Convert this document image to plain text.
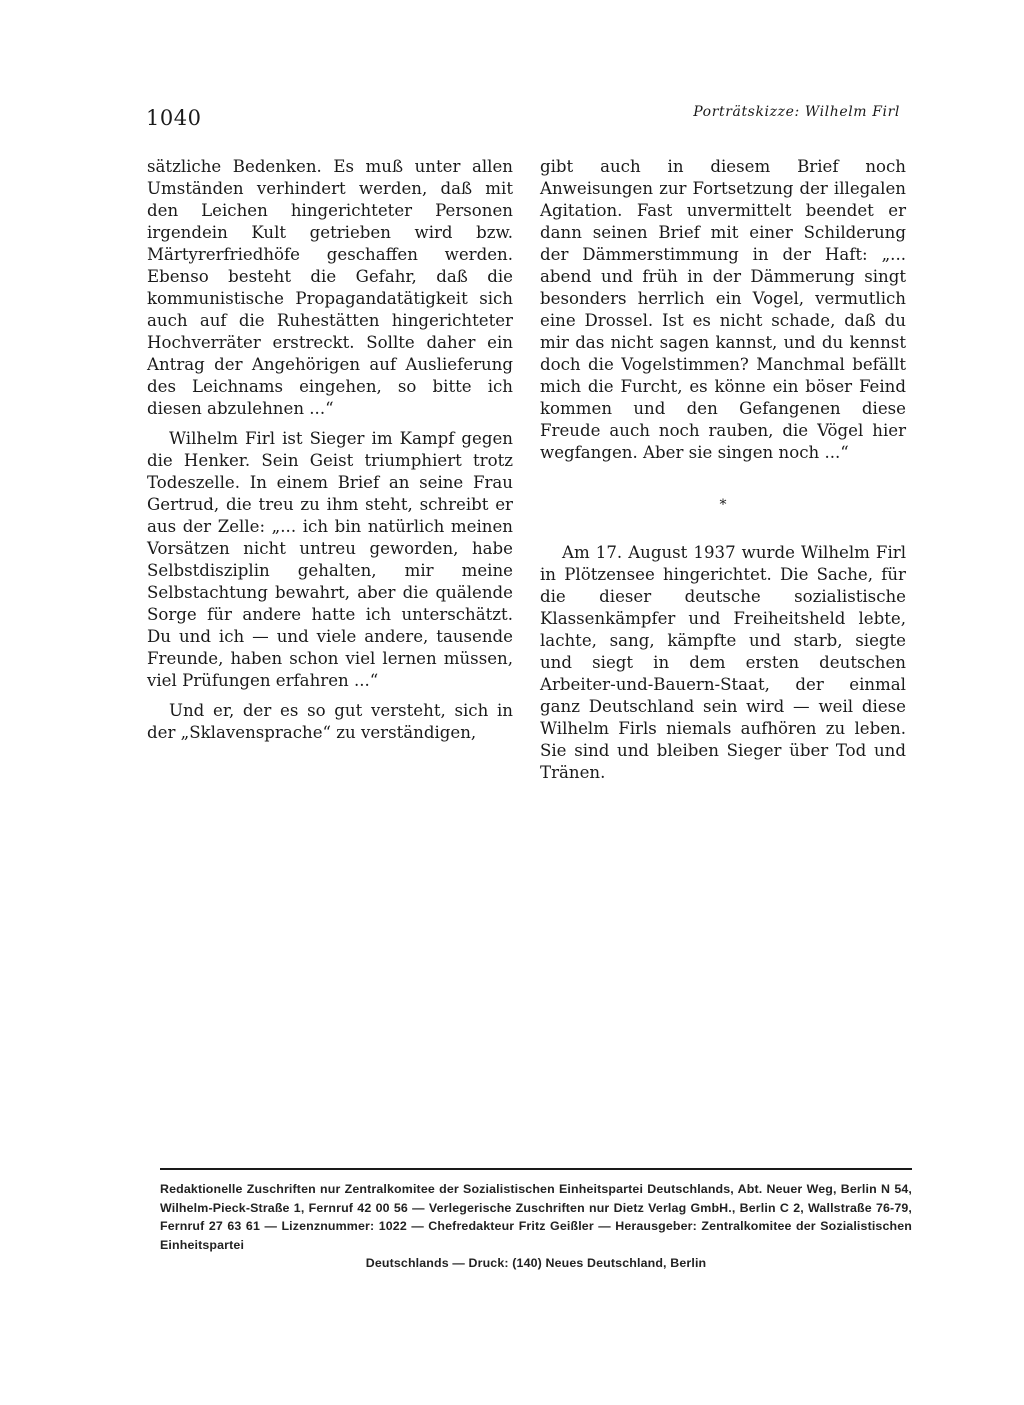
1040	Porträtskizze: Wilhelm Firl

sätzliche Bedenken. Es muß unter allen Umständen verhindert werden, daß mit den Leichen hingerichteter Personen irgendein Kult getrieben wird bzw. Märtyrerfriedhöfe geschaffen werden. Ebenso besteht die Gefahr, daß die kommunistische Propagandatätigkeit sich auch auf die Ruhestätten hingerichteter Hochverräter erstreckt. Sollte daher ein Antrag der Angehörigen auf Auslieferung des Leichnams eingehen, so bitte ich diesen abzulehnen ...“

Wilhelm Firl ist Sieger im Kampf gegen die Henker. Sein Geist triumphiert trotz Todeszelle. In einem Brief an seine Frau Gertrud, die treu zu ihm steht, schreibt er aus der Zelle: „... ich bin natürlich meinen Vorsätzen nicht untreu geworden, habe Selbstdisziplin gehalten, mir meine Selbstachtung bewahrt, aber die quälende Sorge für andere hatte ich unterschätzt. Du und ich — und viele andere, tausende Freunde, haben schon viel lernen müssen, viel Prüfungen erfahren ...“

Und er, der es so gut versteht, sich in der „Sklavensprache“ zu verständigen,

gibt auch in diesem Brief noch Anweisungen zur Fortsetzung der illegalen Agitation. Fast unvermittelt beendet er dann seinen Brief mit einer Schilderung der Dämmerstimmung in der Haft: „... abend und früh in der Dämmerung singt besonders herrlich ein Vogel, vermutlich eine Drossel. Ist es nicht schade, daß du mir das nicht sagen kannst, und du kennst doch die Vogelstimmen? Manchmal befällt mich die Furcht, es könne ein böser Feind kommen und den Gefangenen diese Freude auch noch rauben, die Vögel hier wegfangen. Aber sie singen noch ...“

*

Am 17. August 1937 wurde Wilhelm Firl in Plötzensee hingerichtet. Die Sache, für die dieser deutsche sozialistische Klassenkämpfer und Freiheitsheld lebte, lachte, sang, kämpfte und starb, siegte und siegt in dem ersten deutschen Arbeiter-und-Bauern-Staat, der einmal ganz Deutschland sein wird — weil diese Wilhelm Firls niemals aufhören zu leben. Sie sind und bleiben Sieger über Tod und Tränen.

Redaktionelle Zuschriften nur Zentralkomitee der Sozialistischen Einheitspartei Deutschlands, Abt. Neuer Weg, Berlin N 54, Wilhelm-Pieck-Straße 1, Fernruf 42 00 56 — Verlegerische Zuschriften nur Dietz Verlag GmbH., Berlin C 2, Wallstraße 76-79, Fernruf 27 63 61 — Lizenznummer: 1022 — Chefredakteur Fritz Geißler — Herausgeber: Zentralkomitee der Sozialistischen Einheitspartei
Deutschlands — Druck: (140) Neues Deutschland, Berlin
